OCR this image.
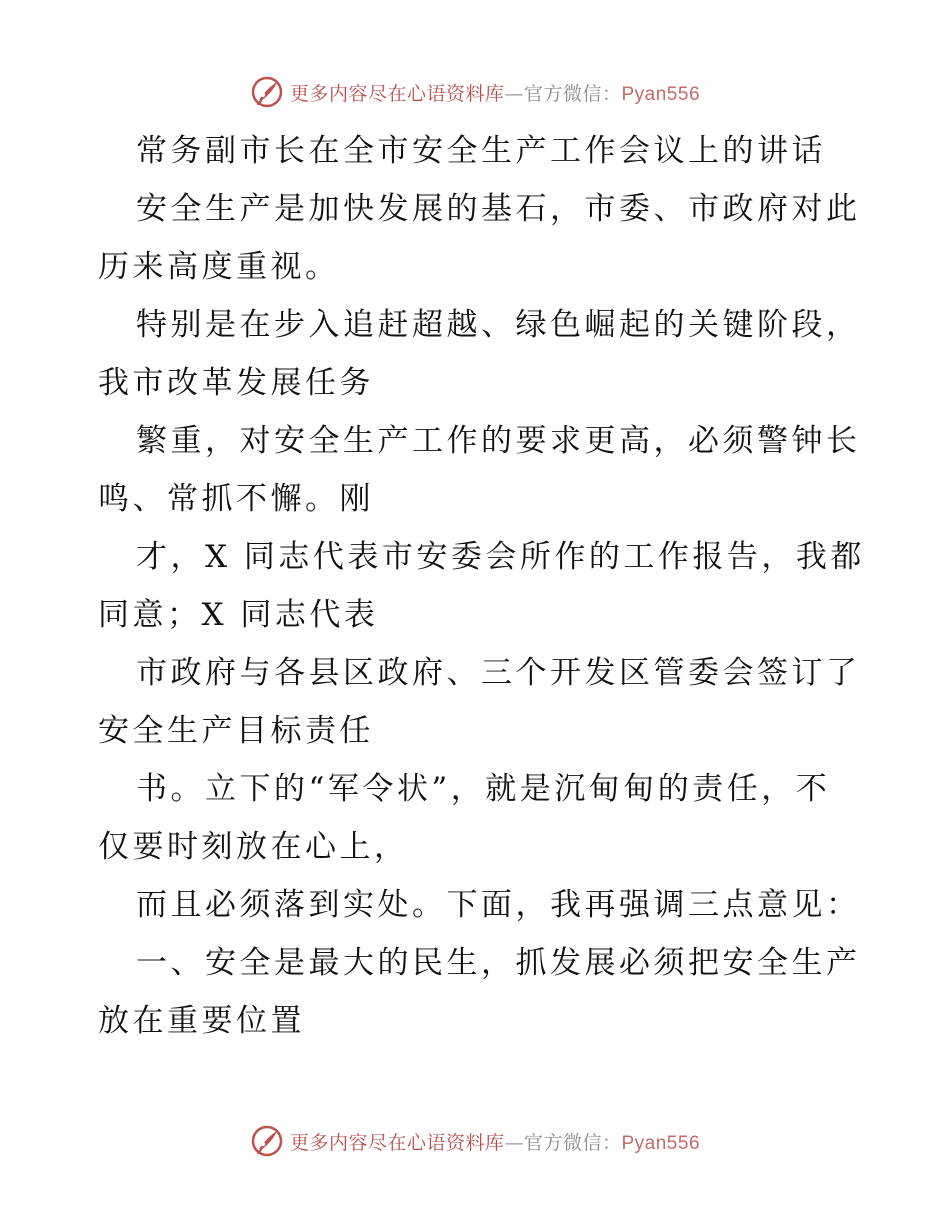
更多内容尽在心语资料库—官方微信：Pyan556
常务副市长在全市安全生产工作会议上的讲话
安全生产是加快发展的基石，市委、市政府对此
历来高度重视。
特别是在步入追赶超越、绿色崛起的关键阶段，
我市改革发展任务
繁重，对安全生产工作的要求更高，必须警钟长
鸣、常抓不懈。刚
才，X 同志代表市安委会所作的工作报告，我都
同意；X 同志代表
市政府与各县区政府、三个开发区管委会签订了
安全生产目标责任
书。立下的“军令状”，就是沉甸甸的责任，不
仅要时刻放在心上，
而且必须落到实处。下面，我再强调三点意见：
一、安全是最大的民生，抓发展必须把安全生产
放在重要位置
更多内容尽在心语资料库—官方微信：Pyan556
